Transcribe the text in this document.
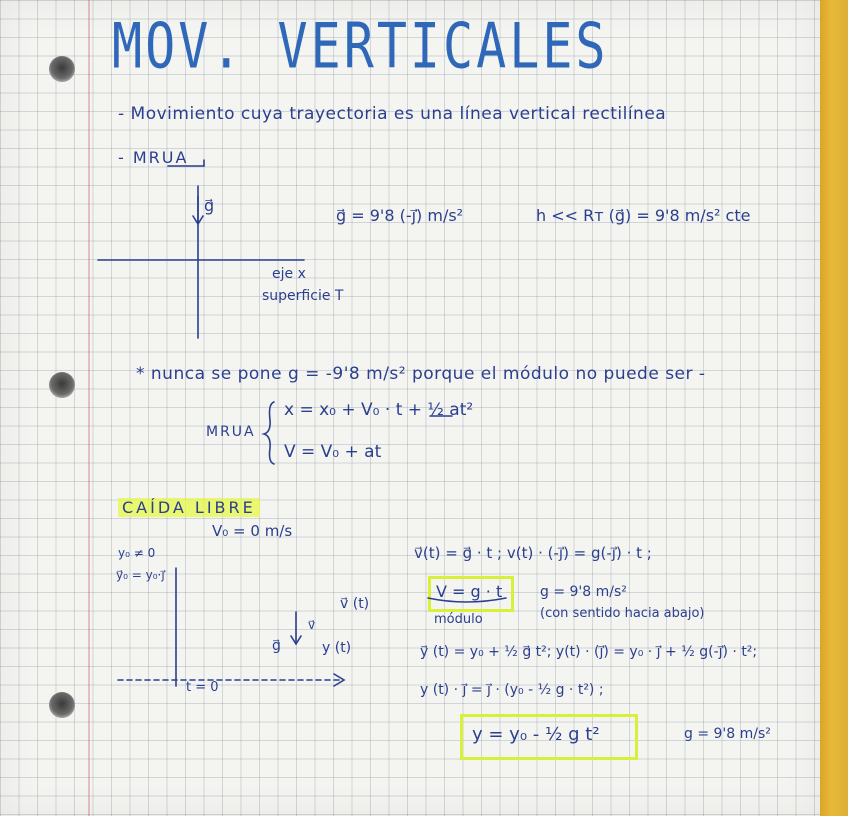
MOV. VERTICALES
- Movimiento cuya trayectoria es una línea vertical rectilínea
- MRUA
g⃗
g⃗ = 9'8 (-j⃗) m/s²	h << Rᴛ (g⃗) = 9'8 m/s² cte
eje x
superficie T
* nunca se pone g = -9'8 m/s² porque el módulo no puede ser -
MRUA
x = x₀ + V₀ · t + ½ at²
V = V₀ + at
CAÍDA LIBRE
V₀ = 0 m/s
y₀ ≠ 0
y⃗₀ = y₀·j⃗
v⃗ (t)
g⃗
v⃗
y (t)
t = 0
v⃗(t) = g⃗ · t ; v(t) · (-j⃗) = g(-j⃗) · t ;
V = g · t	g = 9'8 m/s²
módulo	(con sentido hacia abajo)
y⃗ (t) = y₀ + ½ g⃗ t²; y(t) · (j⃗) = y₀ · j⃗ + ½ g(-j⃗) · t²;
y (t) · j⃗ = j⃗ · (y₀ - ½ g · t²) ;
y = y₀ - ½ g t²	g = 9'8 m/s²
